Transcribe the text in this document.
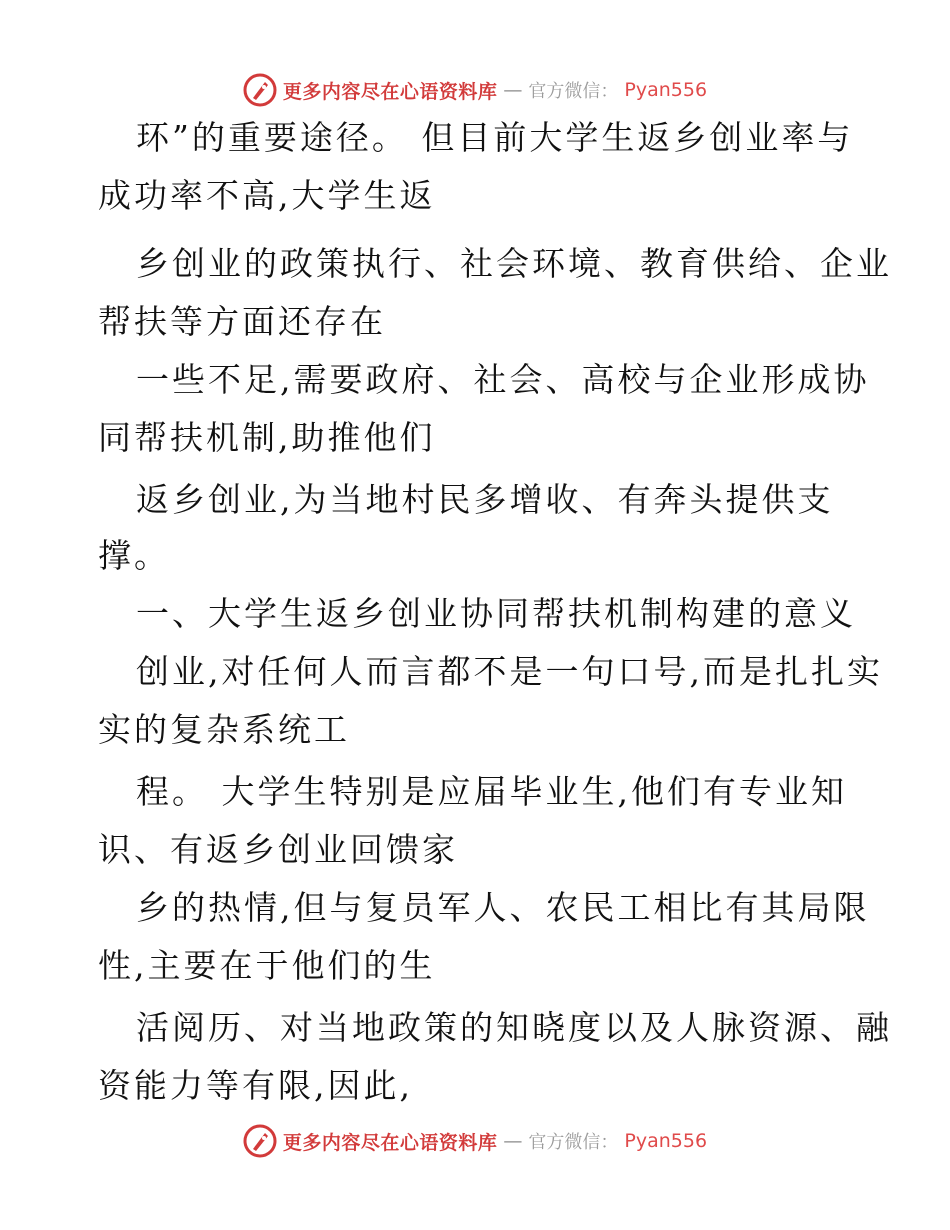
更多内容尽在心语资料库 — 官方微信： Pyan556
环”的重要途径。 但目前大学生返乡创业率与
成功率不高,大学生返
乡创业的政策执行、社会环境、教育供给、企业
帮扶等方面还存在
一些不足,需要政府、社会、高校与企业形成协
同帮扶机制,助推他们
返乡创业,为当地村民多增收、有奔头提供支
撑。
一、大学生返乡创业协同帮扶机制构建的意义
创业,对任何人而言都不是一句口号,而是扎扎实
实的复杂系统工
程。 大学生特别是应届毕业生,他们有专业知
识、有返乡创业回馈家
乡的热情,但与复员军人、农民工相比有其局限
性,主要在于他们的生
活阅历、对当地政策的知晓度以及人脉资源、融
资能力等有限,因此,
更多内容尽在心语资料库 — 官方微信： Pyan556
